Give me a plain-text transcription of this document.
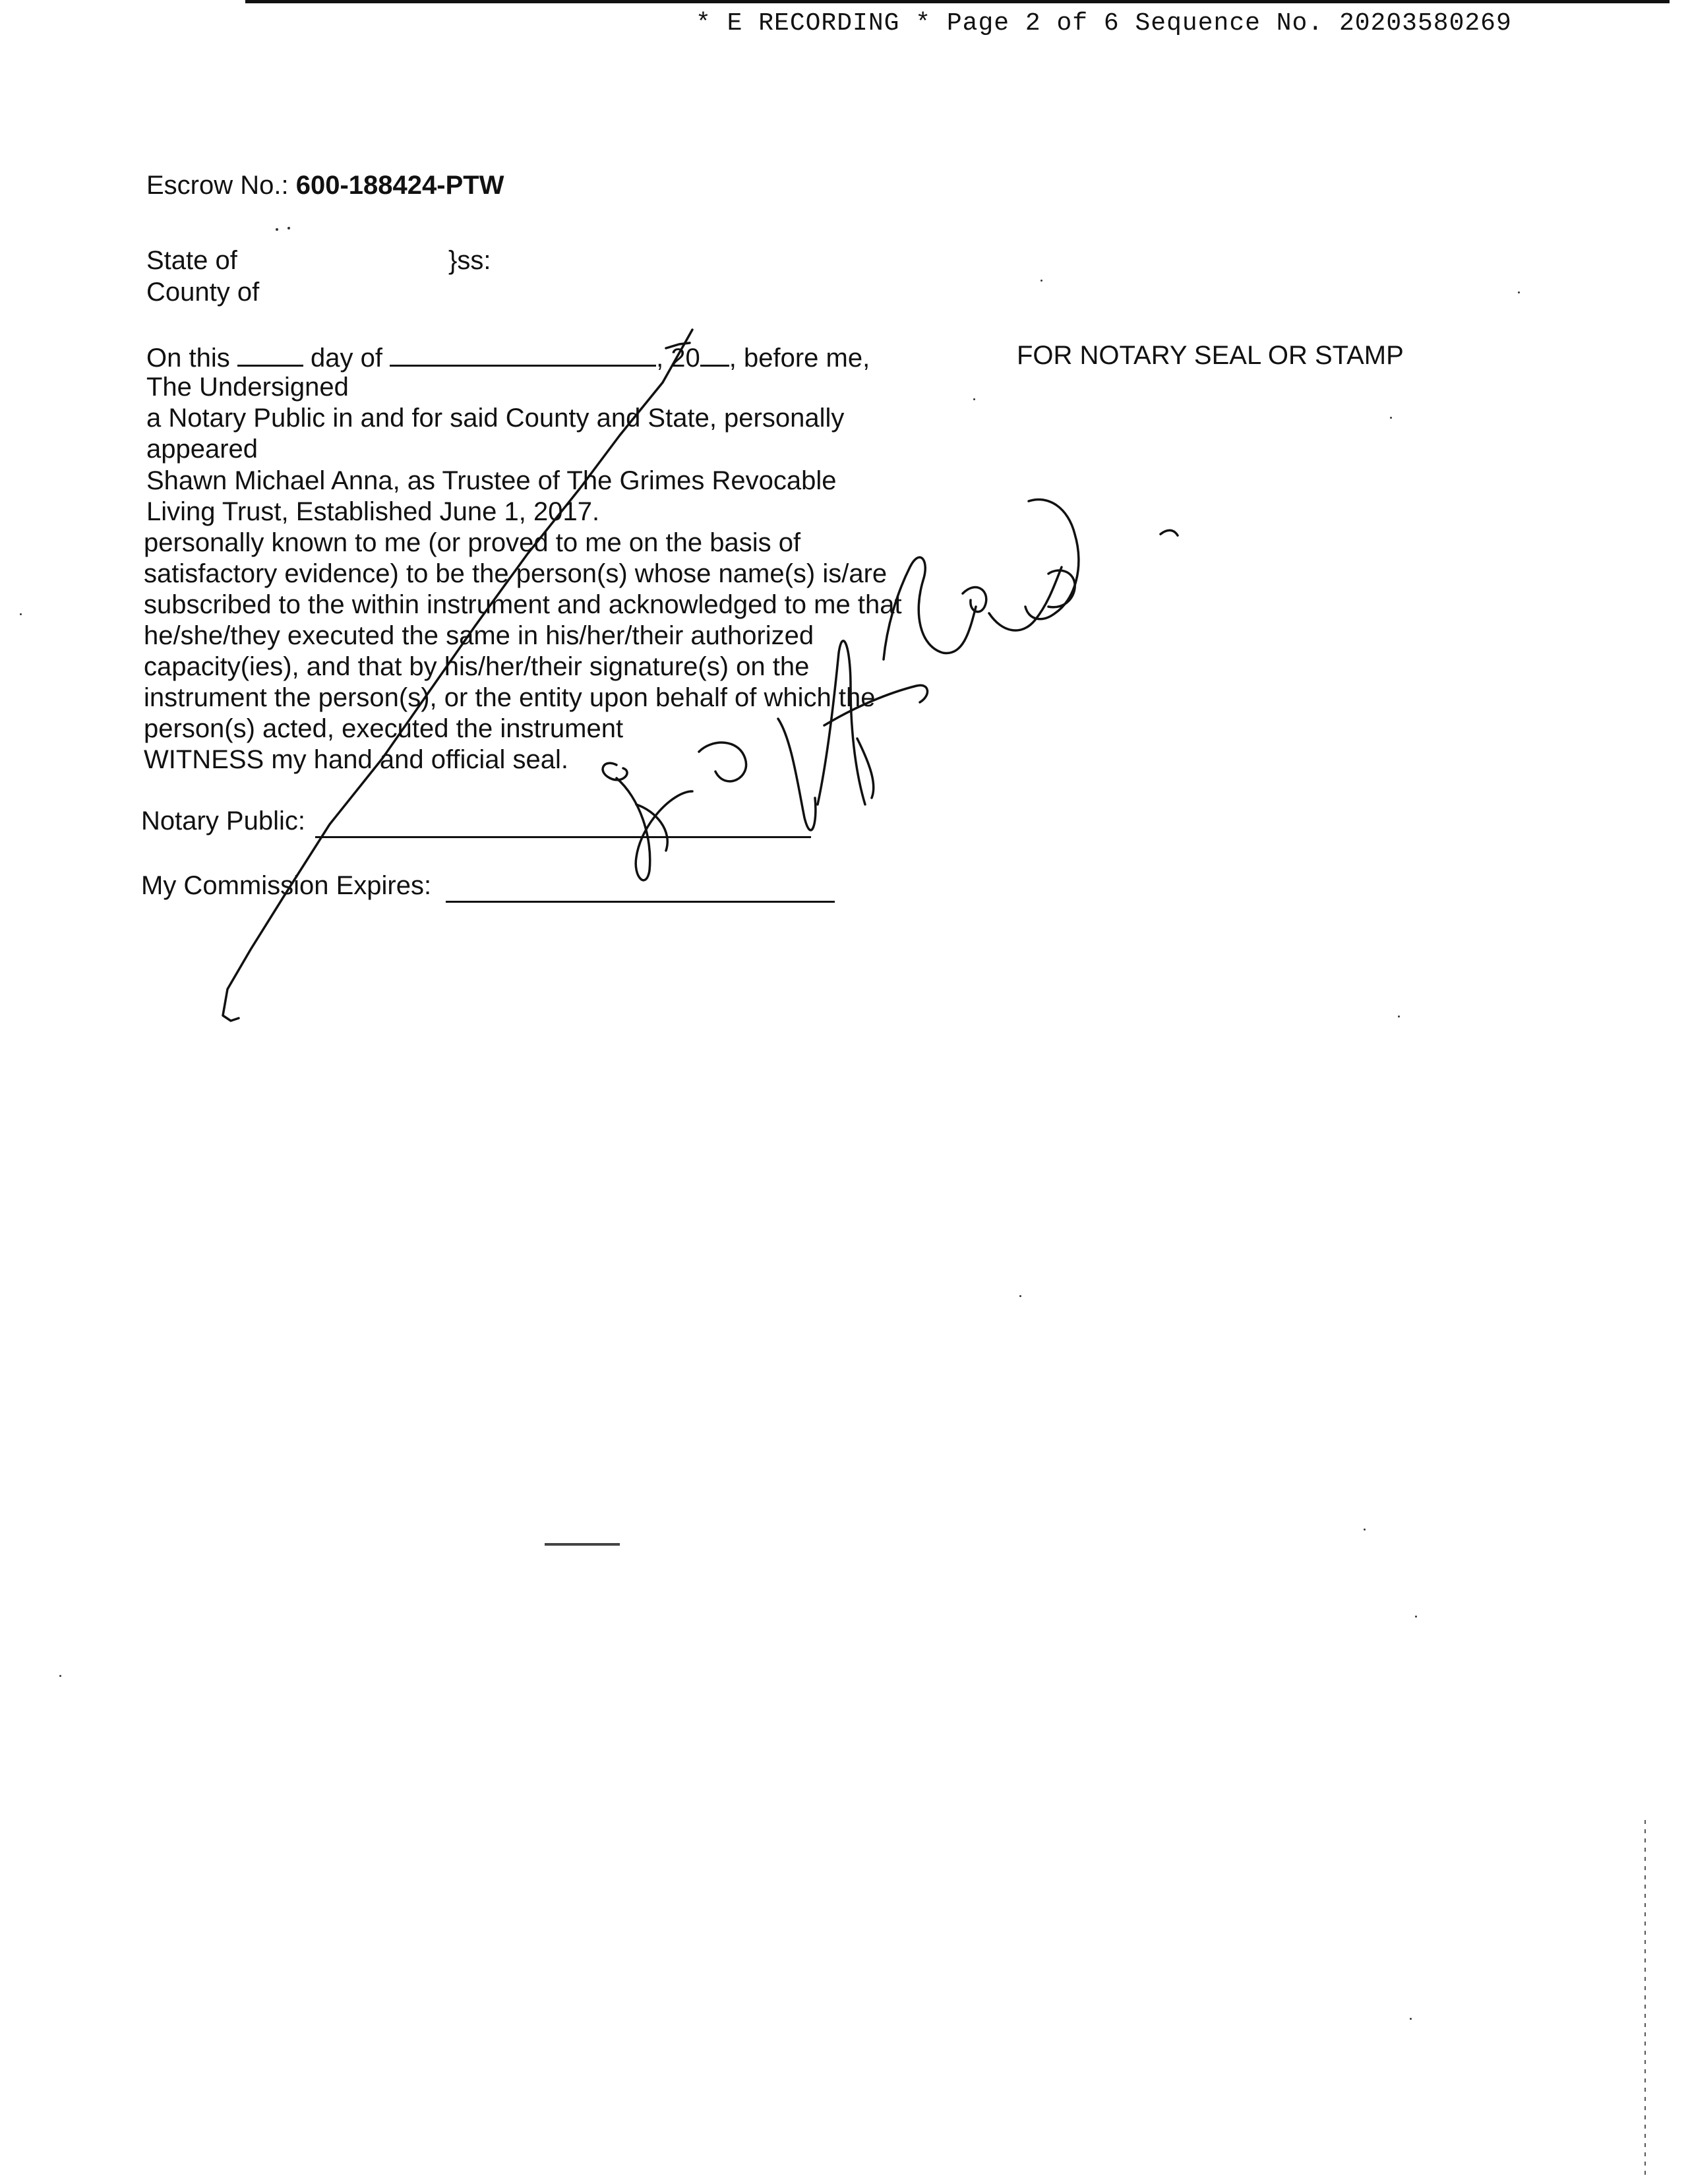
* E RECORDING * Page 2 of 6 Sequence No. 20203580269
Escrow No.: 600-188424-PTW
State of	}ss:
County of
On this	day of	, 20 , before me,	FOR NOTARY SEAL OR STAMP
The Undersigned
a Notary Public in and for said County and State, personally
appeared
Shawn Michael Anna, as Trustee of The Grimes Revocable
Living Trust, Established June 1, 2017.
personally known to me (or proved to me on the basis of
satisfactory evidence) to be the person(s) whose name(s) is/are
subscribed to the within instrument and acknowledged to me that
he/she/they executed the same in his/her/their authorized
capacity(ies), and that by his/her/their signature(s) on the
instrument the person(s), or the entity upon behalf of which the
person(s) acted, executed the instrument
WITNESS my hand and official seal.
Notary Public:
My Commission Expires:
